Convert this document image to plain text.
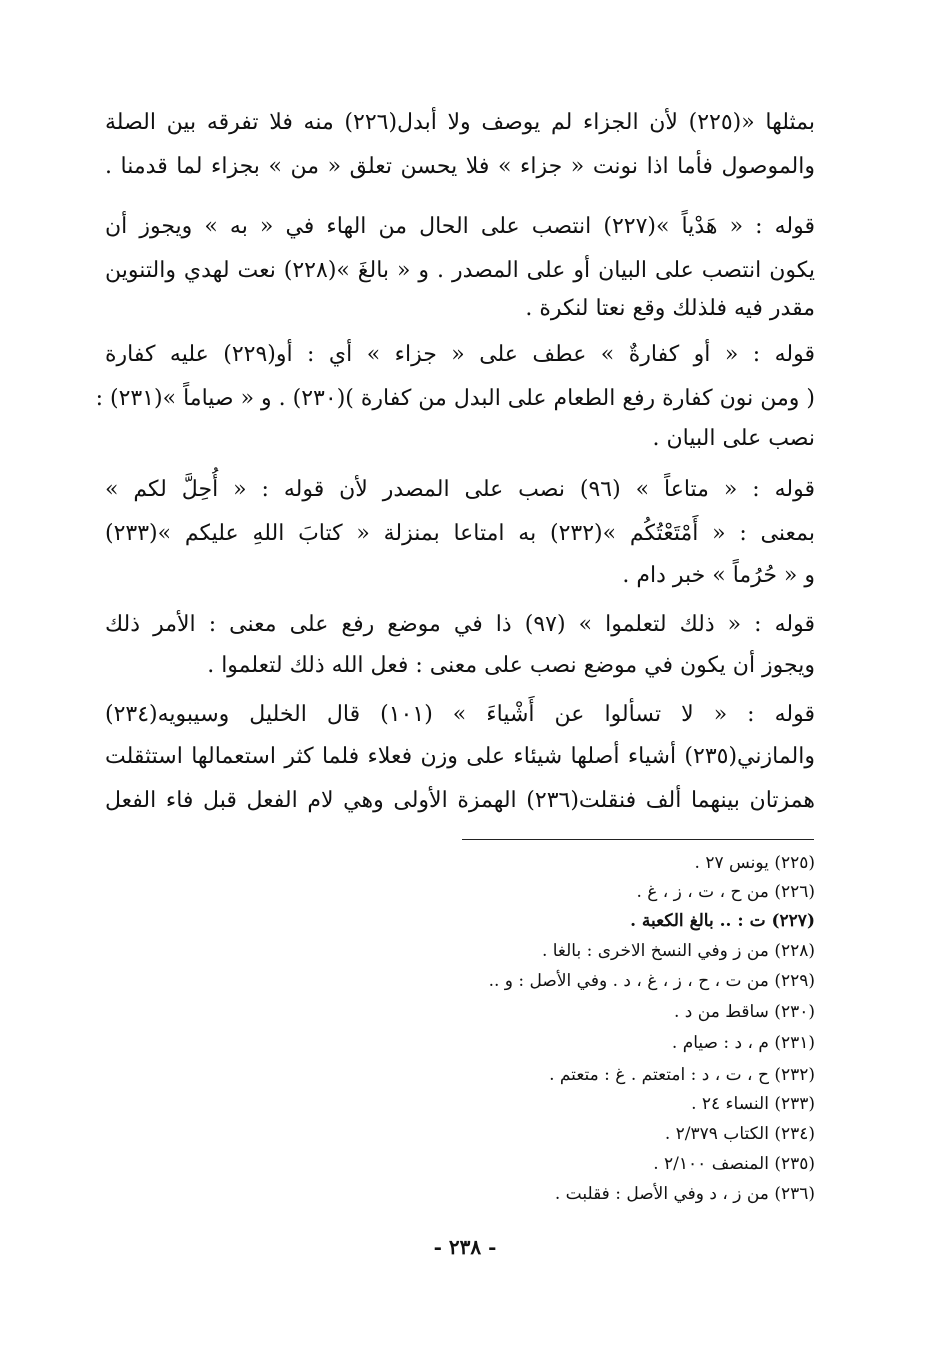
بمثلها «(٢٢٥) لأن الجزاء لم يوصف ولا أبدل(٢٢٦) منه فلا تفرقه بين الصلة
والموصول فأما اذا نونت « جزاء » فلا يحسن تعلق « من » بجزاء لما قدمنا .
قوله : « هَدْياً »(٢٢٧) انتصب على الحال من الهاء في « به » ويجوز أن
يكون انتصب على البيان أو على المصدر . و « بالغَ »(٢٢٨) نعت لهدي والتنوين
مقدر فيه فلذلك وقع نعتا لنكرة .
قوله : « أو كفارةٌ » عطف على « جزاء » أي : أو(٢٢٩) عليه كفارة
( ومن نون كفارة رفع الطعام على البدل من كفارة )(٢٣٠) . و « صياماً »(٢٣١) :
نصب على البيان .
قوله : « متاعاً » (٩٦) نصب على المصدر لأن قوله : « أُحِلَّ لكم »
بمعنى : « أَمْتَعْتُكُم »(٢٣٢) به امتاعا بمنزلة « كتابَ اللهِ عليكم »(٢٣٣)
و « حُرُماً » خبر دام .
قوله : « ذلك لتعلموا » (٩٧) ذا في موضع رفع على معنى : الأمر ذلك
ويجوز أن يكون في موضع نصب على معنى : فعل الله ذلك لتعلموا .
قوله : « لا تسألوا عن أَشْياءَ » (١٠١) قال الخليل وسيبويه(٢٣٤)
والمازني(٢٣٥) أشياء أصلها شيئاء على وزن فعلاء فلما كثر استعمالها استثقلت
همزتان بينهما ألف فنقلت(٢٣٦) الهمزة الأولى وهي لام الفعل قبل فاء الفعل
(٢٢٥) يونس ٢٧ .
(٢٢٦) من ح ، ت ، ز ، غ .
(٢٢٧) ت : .. بالغ الكعبة .
(٢٢٨) من ز وفي النسخ الاخرى : بالغا .
(٢٢٩) من ت ، ح ، ز ، غ ، د . وفي الأصل : و ..
(٢٣٠) ساقط من د .
(٢٣١) م ، د : صيام .
(٢٣٢) ح ، ت ، د : امتعتم . غ : متعتم .
(٢٣٣) النساء ٢٤ .
(٢٣٤) الكتاب ٢/٣٧٩ .
(٢٣٥) المنصف ٢/١٠٠ .
(٢٣٦) من ز ، د وفي الأصل : فقلبت .
- ٢٣٨ -
